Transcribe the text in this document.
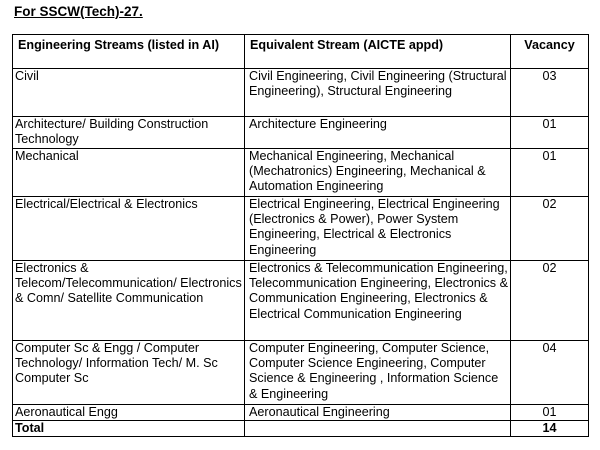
For SSCW(Tech)-27.
Engineering Streams (listed in AI)	Equivalent Stream (AICTE appd)	Vacancy
Civil	Civil Engineering, Civil Engineering (Structural Engineering), Structural Engineering	03
Architecture/ Building Construction Technology	Architecture Engineering	01
Mechanical	Mechanical Engineering, Mechanical (Mechatronics) Engineering, Mechanical & Automation Engineering	01
Electrical/Electrical & Electronics	Electrical Engineering, Electrical Engineering (Electronics & Power), Power System Engineering, Electrical & Electronics Engineering	02
Electronics & Telecom/Telecommunication/ Electronics & Comn/ Satellite Communication	Electronics & Telecommunication Engineering, Telecommunication Engineering, Electronics & Communication Engineering, Electronics & Electrical Communication Engineering	02
Computer Sc & Engg / Computer Technology/ Information Tech/ M. Sc Computer Sc	Computer Engineering, Computer Science, Computer Science Engineering, Computer Science & Engineering , Information Science & Engineering	04
Aeronautical Engg	Aeronautical Engineering	01
Total		14
